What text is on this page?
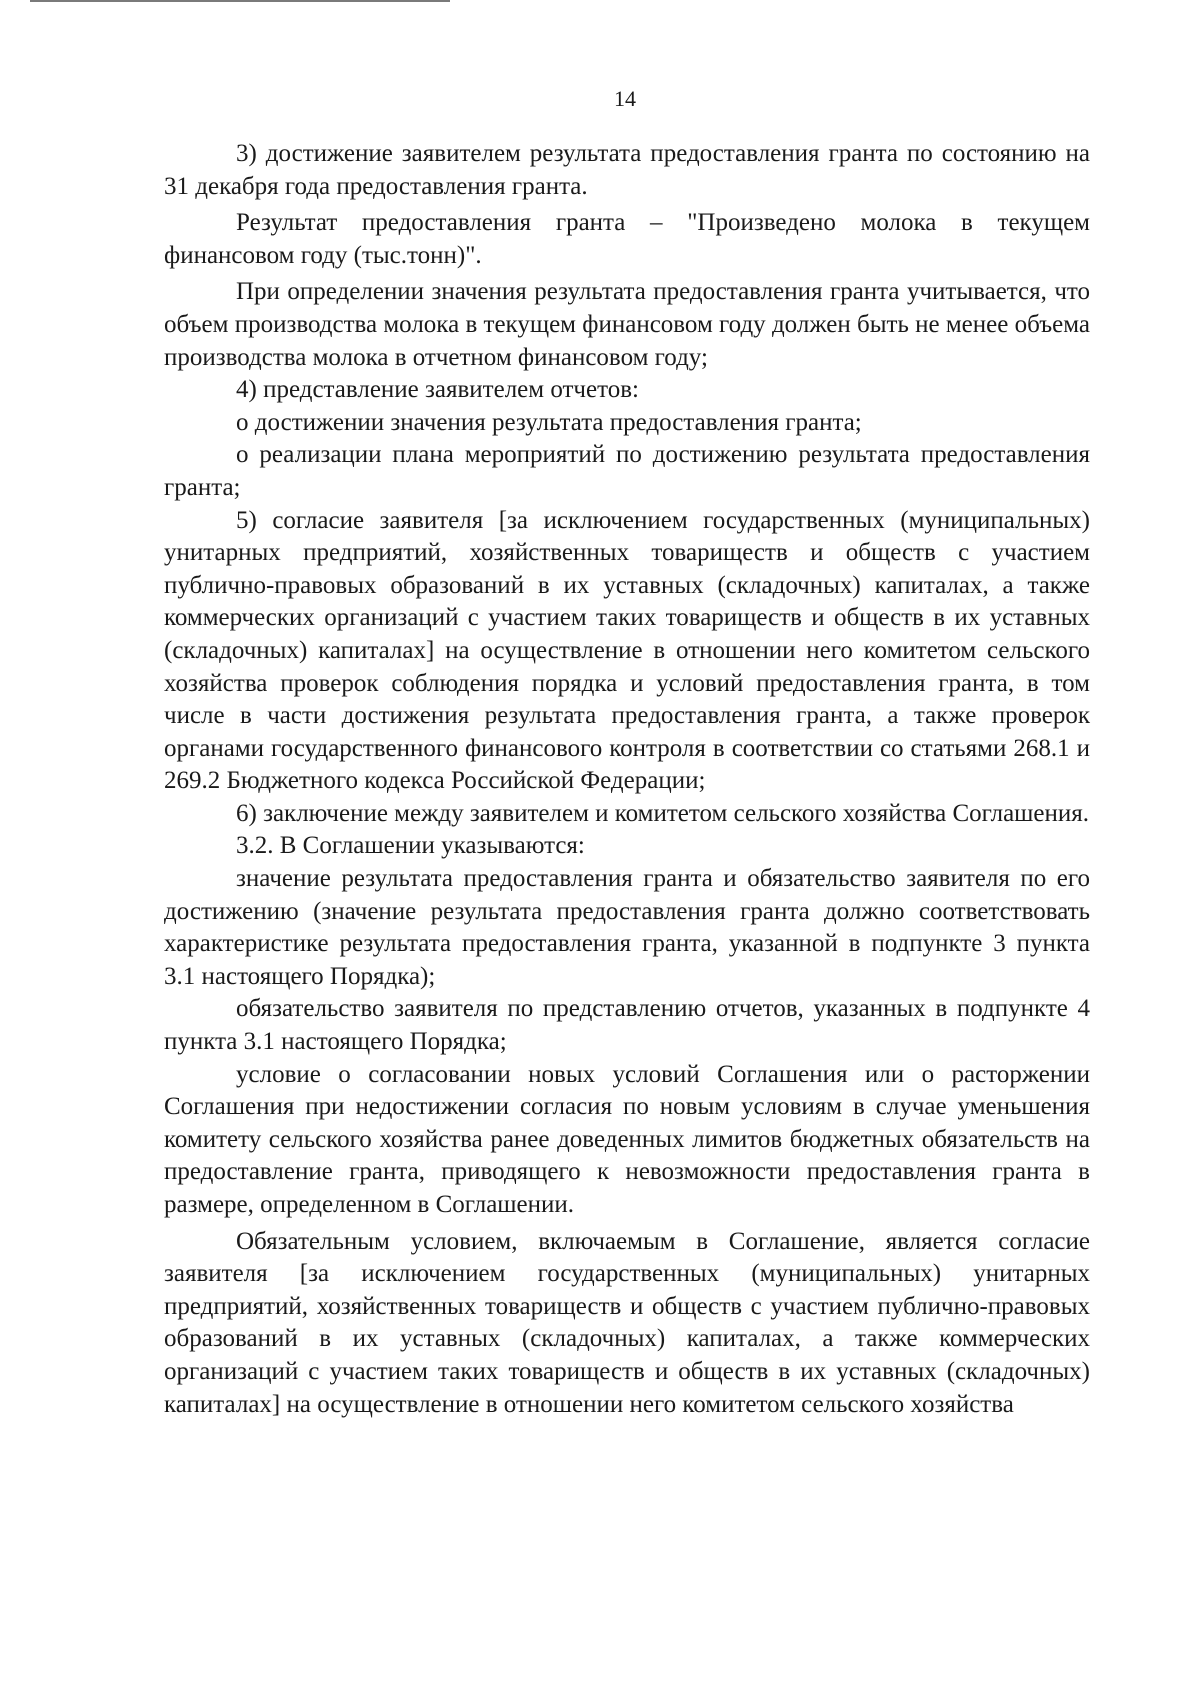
14

3) достижение заявителем результата предоставления гранта по состоянию на 31 декабря года предоставления гранта.

Результат предоставления гранта – "Произведено молока в текущем финансовом году (тыс.тонн)".

При определении значения результата предоставления гранта учитывается, что объем производства молока в текущем финансовом году должен быть не менее объема производства молока в отчетном финансовом году;

4) представление заявителем отчетов:

о достижении значения результата предоставления гранта;

о реализации плана мероприятий по достижению результата предоставления гранта;

5) согласие заявителя [за исключением государственных (муниципальных) унитарных предприятий, хозяйственных товариществ и обществ с участием публично-правовых образований в их уставных (складочных) капиталах, а также коммерческих организаций с участием таких товариществ и обществ в их уставных (складочных) капиталах] на осуществление в отношении него комитетом сельского хозяйства проверок соблюдения порядка и условий предоставления гранта, в том числе в части достижения результата предоставления гранта, а также проверок органами государственного финансового контроля в соответствии со статьями 268.1 и 269.2 Бюджетного кодекса Российской Федерации;

6) заключение между заявителем и комитетом сельского хозяйства Соглашения.

3.2. В Соглашении указываются:

значение результата предоставления гранта и обязательство заявителя по его достижению (значение результата предоставления гранта должно соответствовать характеристике результата предоставления гранта, указанной в подпункте 3 пункта 3.1 настоящего Порядка);

обязательство заявителя по представлению отчетов, указанных в подпункте 4 пункта 3.1 настоящего Порядка;

условие о согласовании новых условий Соглашения или о расторжении Соглашения при недостижении согласия по новым условиям в случае уменьшения комитету сельского хозяйства ранее доведенных лимитов бюджетных обязательств на предоставление гранта, приводящего к невозможности предоставления гранта в размере, определенном в Соглашении.

Обязательным условием, включаемым в Соглашение, является согласие заявителя [за исключением государственных (муниципальных) унитарных предприятий, хозяйственных товариществ и обществ с участием публично-правовых образований в их уставных (складочных) капиталах, а также коммерческих организаций с участием таких товариществ и обществ в их уставных (складочных) капиталах] на осуществление в отношении него комитетом сельского хозяйства
